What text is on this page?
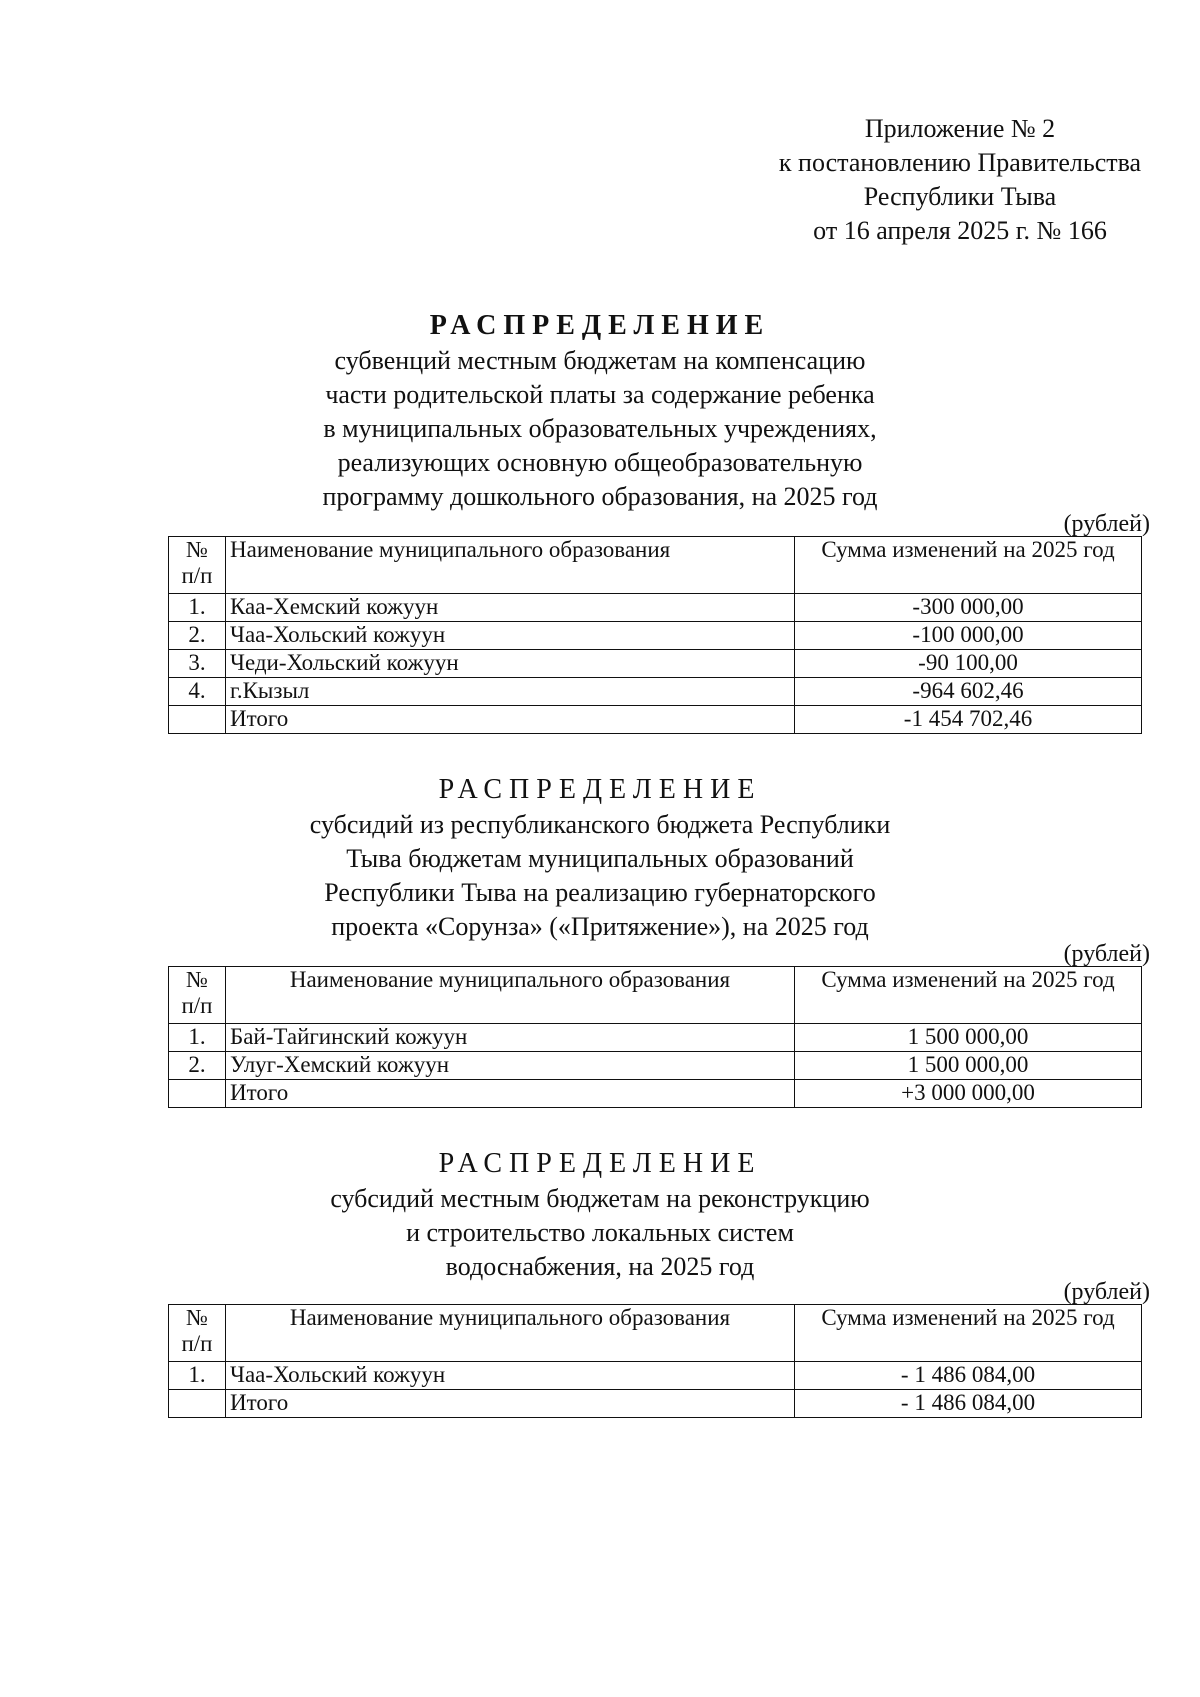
Приложение № 2
к постановлению Правительства
Республики Тыва
от 16 апреля 2025 г. № 166
РАСПРЕДЕЛЕНИЕ
субвенций местным бюджетам на компенсацию
части родительской платы за содержание ребенка
в муниципальных образовательных учреждениях,
реализующих основную общеобразовательную
программу дошкольного образования, на 2025 год
(рублей)
№
п/п	Наименование муниципального образования	Сумма изменений на 2025 год
1.	Каа-Хемский кожуун	-300 000,00
2.	Чаа-Хольский кожуун	-100 000,00
3.	Чеди-Хольский кожуун	-90 100,00
4.	г.Кызыл	-964 602,46
	Итого	-1 454 702,46
РАСПРЕДЕЛЕНИЕ
субсидий из республиканского бюджета Республики
Тыва бюджетам муниципальных образований
Республики Тыва на реализацию губернаторского
проекта «Сорунза» («Притяжение»), на 2025 год
(рублей)
№
п/п	Наименование муниципального образования	Сумма изменений на 2025 год
1.	Бай-Тайгинский кожуун	1 500 000,00
2.	Улуг-Хемский кожуун	1 500 000,00
	Итого	+3 000 000,00
РАСПРЕДЕЛЕНИЕ
субсидий местным бюджетам на реконструкцию
и строительство локальных систем
водоснабжения, на 2025 год
(рублей)
№
п/п	Наименование муниципального образования	Сумма изменений на 2025 год
1.	Чаа-Хольский кожуун	- 1 486 084,00
	Итого	- 1 486 084,00
